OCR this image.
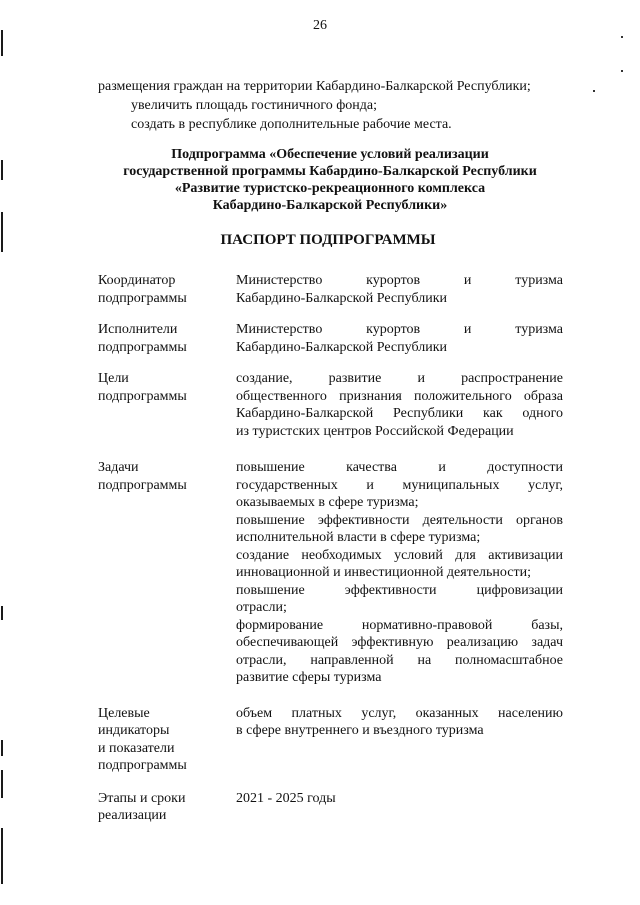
26

размещения граждан на территории Кабардино-Балкарской Республики;

увеличить площадь гостиничного фонда;

создать в республике дополнительные рабочие места.

Подпрограмма «Обеспечение условий реализации
государственной программы Кабардино-Балкарской Республики
«Развитие туристско-рекреационного комплекса
Кабардино-Балкарской Республики»
ПАСПОРТ ПОДПРОГРАММЫ
Координатор подпрограммы

Министерство курортов и туризма

Кабардино-Балкарской Республики

Исполнители подпрограммы

Министерство курортов и туризма

Кабардино-Балкарской Республики

Цели подпрограммы

создание, развитие и распространение

общественного признания положительного образа

Кабардино-Балкарской Республики как одного

из туристских центров Российской Федерации

Задачи подпрограммы

повышение качества и доступности

государственных и муниципальных услуг,

оказываемых в сфере туризма;

повышение эффективности деятельности органов

исполнительной власти в сфере туризма;

создание необходимых условий для активизации

инновационной и инвестиционной деятельности;

повышение эффективности цифровизации

отрасли;

формирование нормативно-правовой базы,

обеспечивающей эффективную реализацию задач

отрасли, направленной на полномасштабное

развитие сферы туризма

Целевые
индикаторы
и показатели
подпрограммы

объем платных услуг, оказанных населению

в сфере внутреннего и въездного туризма

Этапы и сроки
реализации

2021 - 2025 годы
